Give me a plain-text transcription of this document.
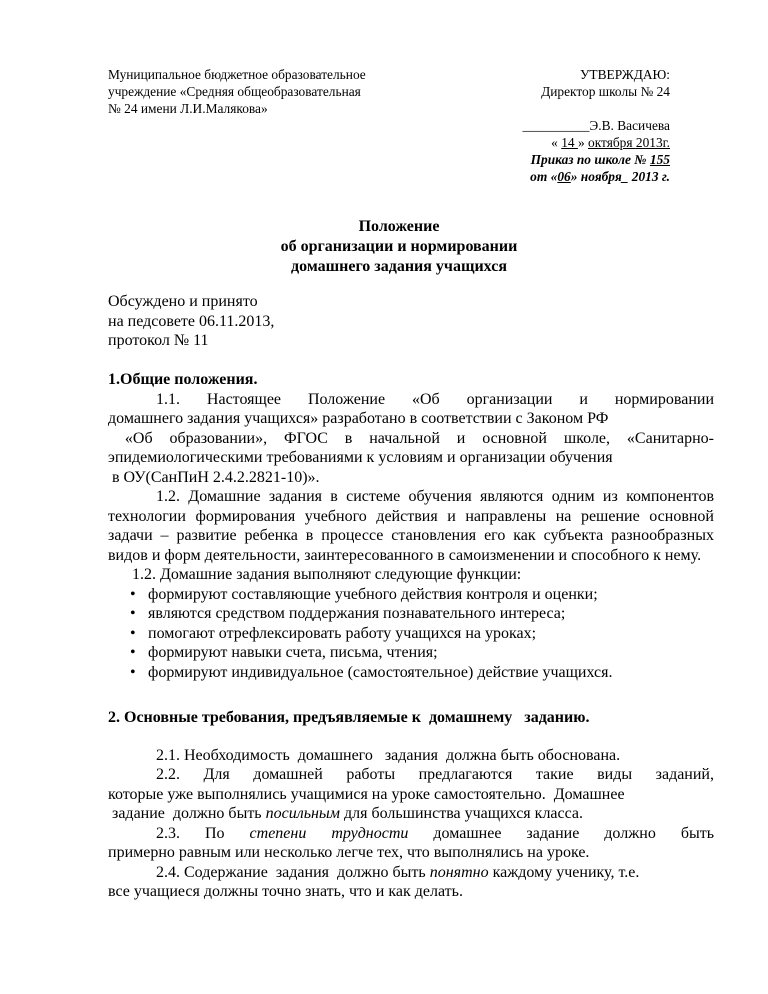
Муниципальное бюджетное образовательное
учреждение «Средняя общеобразовательная
№ 24 имени Л.И.Малякова»
УТВЕРЖДАЮ:
Директор школы № 24
__________Э.В. Васичева
« 14 » октября 2013г.
Приказ по школе № 155
от «06» ноября_ 2013 г.
Положение
об организации и нормировании
домашнего задания учащихся
Обсуждено и принято
на педсовете 06.11.2013,
протокол № 11
1.Общие положения.
1.1. Настоящее Положение «Об организации и нормировании
домашнего задания учащихся» разработано в соответствии с Законом РФ
«Об образовании», ФГОС в начальной и основной школе, «Санитарно-
эпидемиологическими требованиями к условиям и организации обучения
в ОУ(СанПиН 2.4.2.2821-10)».

1.2. Домашние задания в системе обучения являются одним из компонентов технологии формирования учебного действия и направлены на решение основной задачи – развитие ребенка в процессе становления его как субъекта разнообразных видов и форм деятельности, заинтересованного в самоизменении и способного к нему.

1.2. Домашние задания выполняют следующие функции:
• формируют составляющие учебного действия контроля и оценки;
• являются средством поддержания познавательного интереса;
• помогают отрефлексировать работу учащихся на уроках;
• формируют навыки счета, письма, чтения;
• формируют индивидуальное (самостоятельное) действие учащихся.
2. Основные требования, предъявляемые к  домашнему   заданию.
2.1. Необходимость  домашнего   задания  должна быть обоснована.
2.2. Для домашней работы предлагаются такие виды заданий,
которые уже выполнялись учащимися на уроке самостоятельно.  Домашнее
задание  должно быть посильным для большинства учащихся класса.
2.3. По степени трудности домашнее задание должно быть
примерно равным или несколько легче тех, что выполнялись на уроке.
2.4. Содержание  задания  должно быть понятно каждому ученику, т.е.
все учащиеся должны точно знать, что и как делать.
